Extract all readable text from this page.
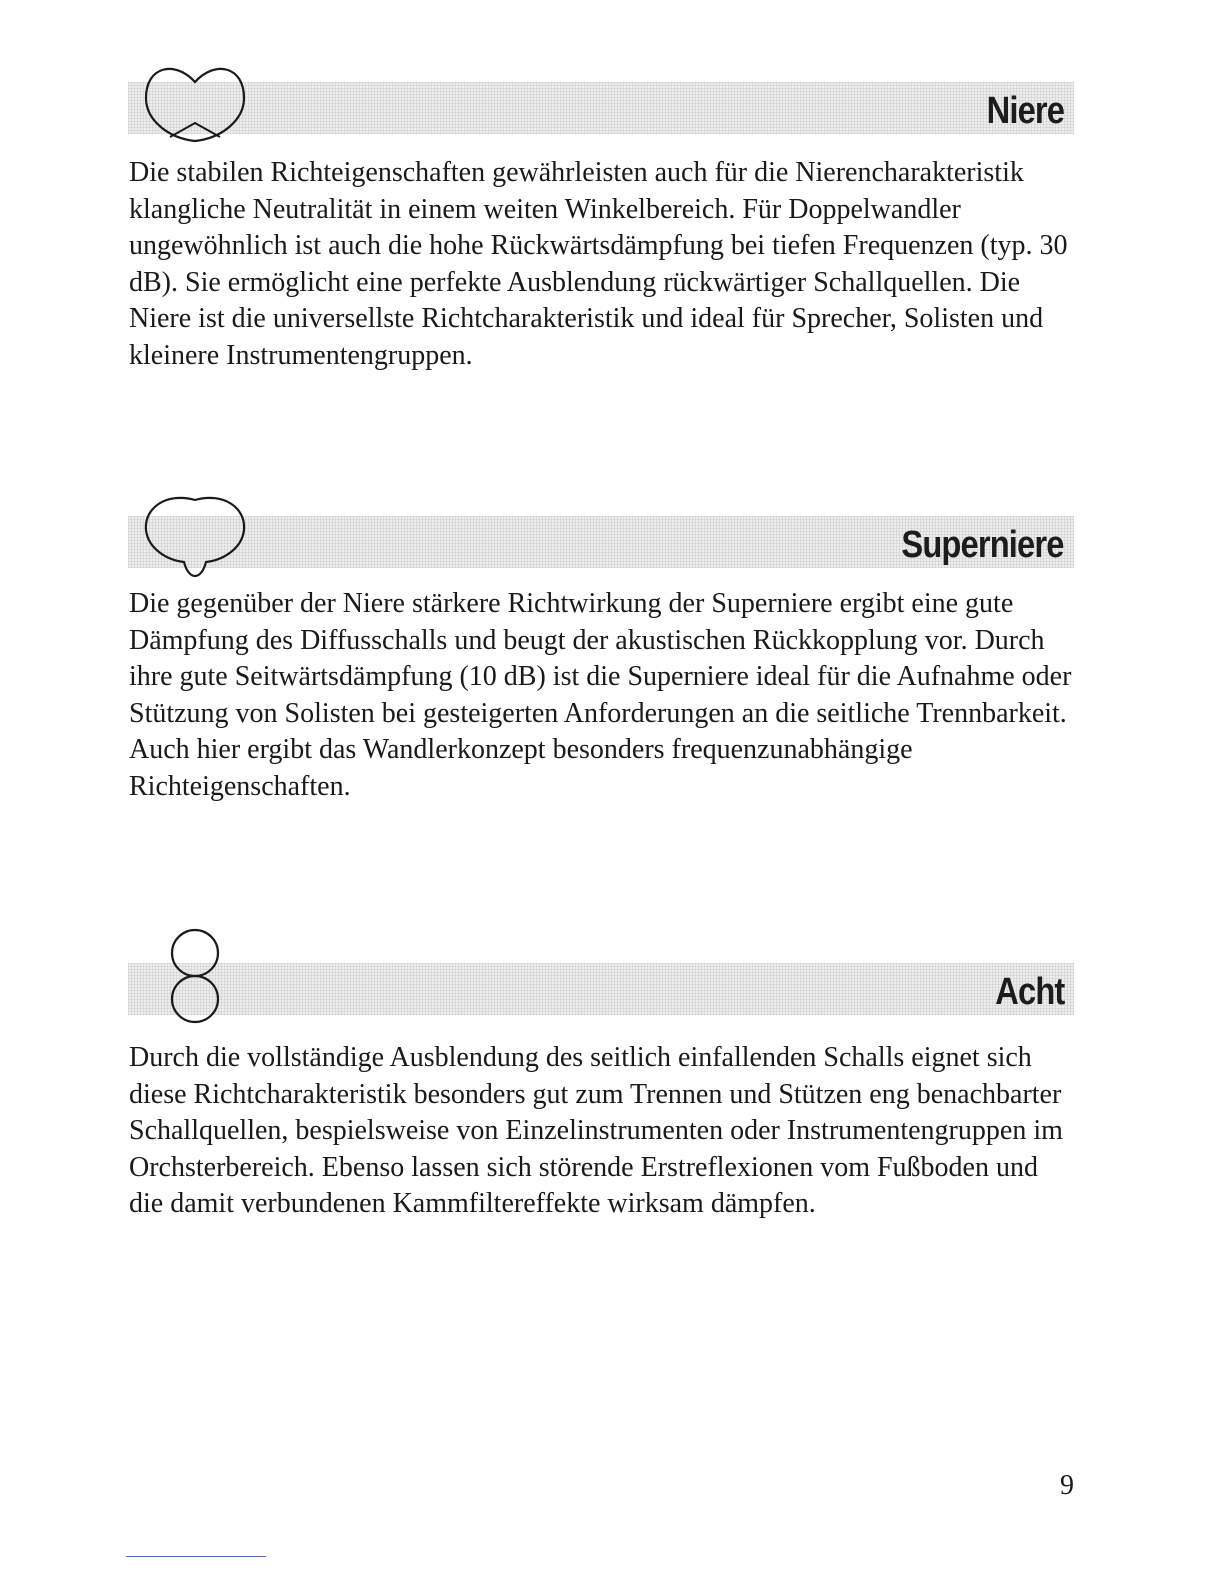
Niere

Die stabilen Richteigenschaften gewährleisten auch für die Nierencharakteristik klangliche Neutralität in einem weiten Winkelbereich. Für Doppelwandler ungewöhnlich ist auch die hohe Rückwärtsdämpfung bei tiefen Frequenzen (typ. 30 dB). Sie ermöglicht eine perfekte Ausblendung rückwärtiger Schallquellen. Die Niere ist die universellste Richtcharakteristik und ideal für Sprecher, Solisten und kleinere Instrumentengruppen.

Superniere

Die gegenüber der Niere stärkere Richtwirkung der Superniere ergibt eine gute Dämpfung des Diffusschalls und beugt der akustischen Rückkopplung vor. Durch ihre gute Seitwärtsdämpfung (10 dB) ist die Superniere ideal für die Aufnahme oder Stützung von Solisten bei gesteigerten Anforderungen an die seitliche Trennbarkeit. Auch hier ergibt das Wandlerkonzept besonders frequenzunabhängige Richteigenschaften.

Acht

Durch die vollständige Ausblendung des seitlich einfallenden Schalls eignet sich diese Richtcharakteristik besonders gut zum Trennen und Stützen eng benachbarter Schallquellen, bespielsweise von Einzelinstrumenten oder Instrumentengruppen im Orchsterbereich. Ebenso lassen sich störende Erstreflexionen vom Fußboden und die damit verbundenen Kammfiltereffekte wirksam dämpfen.

9
